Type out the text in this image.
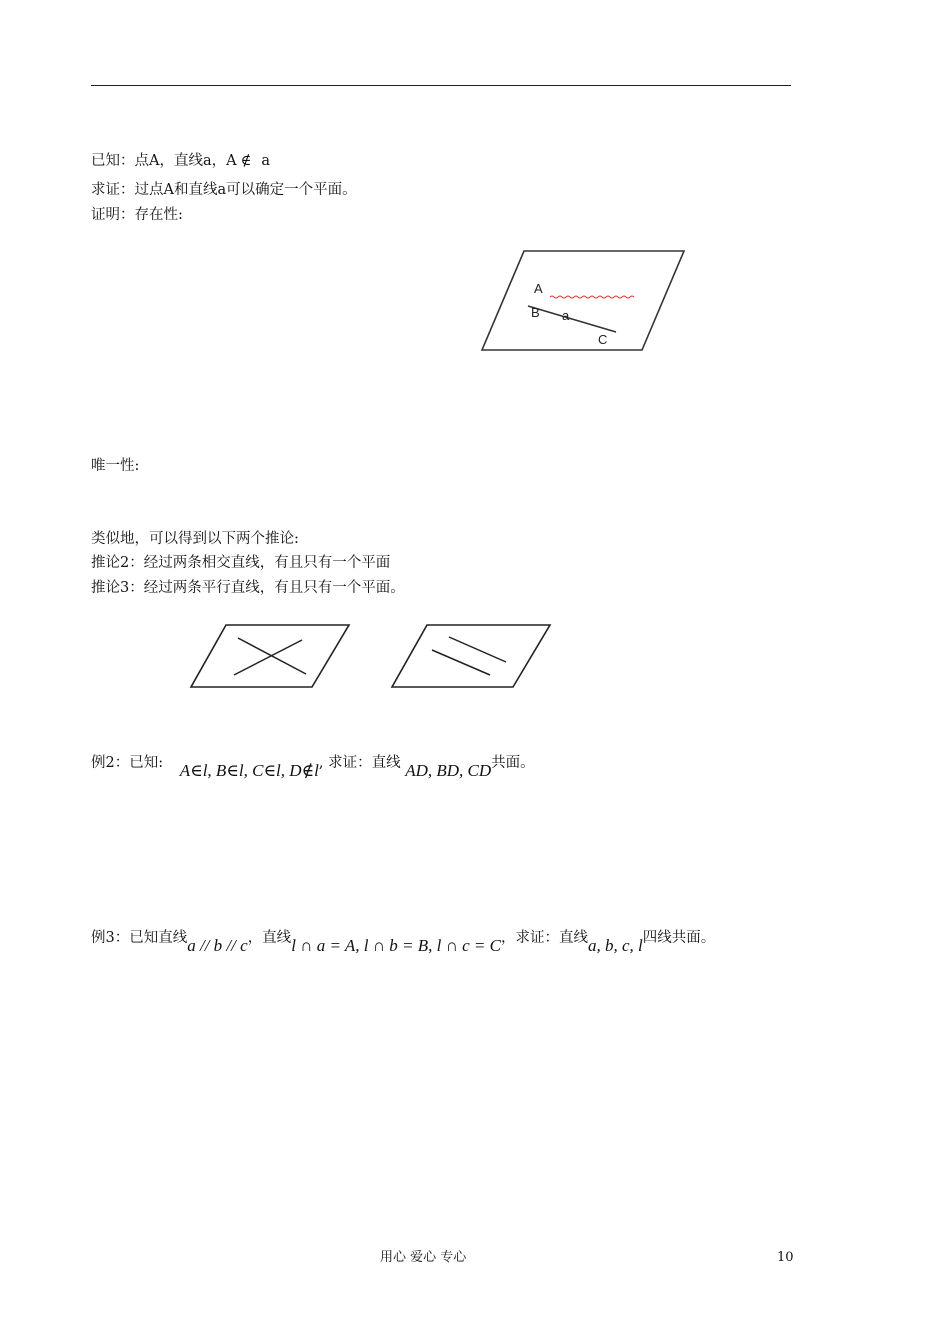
已知：点A，直线a，A ∉ a
求证：过点A和直线a可以确定一个平面。
证明：存在性:
A
B a
C
唯一性:
类似地，可以得到以下两个推论:
推论2：经过两条相交直线，有且只有一个平面
推论3：经过两条平行直线，有且只有一个平面。
例2：已知: A∈l, B∈l, C∈l, D∉l, 求证：直线 AD, BD, CD共面。
例3：已知直线a // b // c，直线l ∩ a = A, l ∩ b = B, l ∩ c = C，求证：直线a, b, c, l四线共面。
用心 爱心 专心	10
